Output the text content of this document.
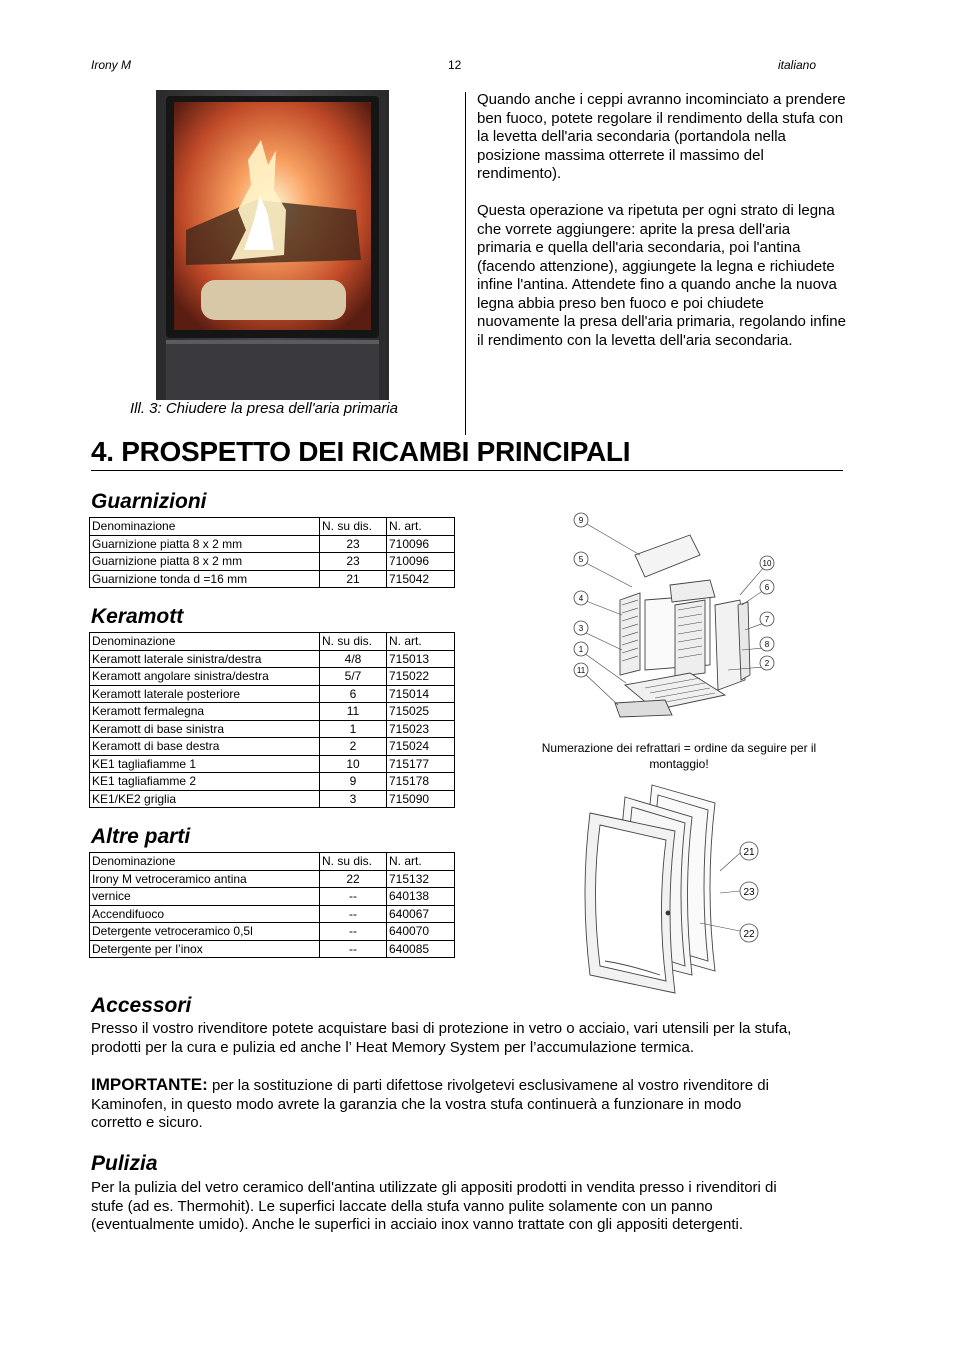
Irony M	12	italiano
Ill. 3: Chiudere la presa dell'aria primaria
Quando anche i ceppi avranno incominciato a prendere ben fuoco, potete regolare il rendimento della stufa con la levetta dell'aria secondaria (portandola nella posizione massima otterrete il massimo del rendimento).
Questa operazione va ripetuta per ogni strato di legna che vorrete aggiungere: aprite la presa dell'aria primaria e quella dell'aria secondaria, poi l'antina (facendo attenzione), aggiungete la legna e richiudete infine l'antina. Attendete fino a quando anche la nuova legna abbia preso ben fuoco e poi chiudete nuovamente la presa dell'aria primaria, regolando infine il rendimento con la levetta dell'aria secondaria.
4. PROSPETTO DEI RICAMBI PRINCIPALI
Guarnizioni
Denominazione	N. su dis.	N. art.
Guarnizione piatta 8 x 2 mm	23	710096
Guarnizione piatta 8 x 2 mm	23	710096
Guarnizione tonda d =16 mm	21	715042
Keramott
Denominazione	N. su dis.	N. art.
Keramott laterale sinistra/destra	4/8	715013
Keramott angolare sinistra/destra	5/7	715022
Keramott laterale posteriore	6	715014
Keramott fermalegna	11	715025
Keramott di base sinistra	1	715023
Keramott di base destra	2	715024
KE1 tagliafiamme 1	10	715177
KE1 tagliafiamme 2	9	715178
KE1/KE2 griglia	3	715090
Altre parti
Denominazione	N. su dis.	N. art.
Irony M vetroceramico antina	22	715132
vernice	--	640138
Accendifuoco	--	640067
Detergente vetroceramico 0,5l	--	640070
Detergente per l’inox	--	640085
9
5	10
6
4
7
3
8
1
2
11
Numerazione dei refrattari = ordine da seguire per il
montaggio!
21
23
22
Accessori
Presso il vostro rivenditore potete acquistare basi di protezione in vetro o acciaio, vari utensili per la stufa,
prodotti per la cura e pulizia ed anche l’ Heat Memory System per l’accumulazione termica.
IMPORTANTE: per la sostituzione di parti difettose rivolgetevi esclusivamene al vostro rivenditore di
Kaminofen, in questo modo avrete la garanzia che la vostra stufa continuerà a funzionare in modo
corretto e sicuro.
Pulizia
Per la pulizia del vetro ceramico dell'antina utilizzate gli appositi prodotti in vendita presso i rivenditori di
stufe (ad es. Thermohit). Le superfici laccate della stufa vanno pulite solamente con un panno
(eventualmente umido). Anche le superfici in acciaio inox vanno trattate con gli appositi detergenti.
